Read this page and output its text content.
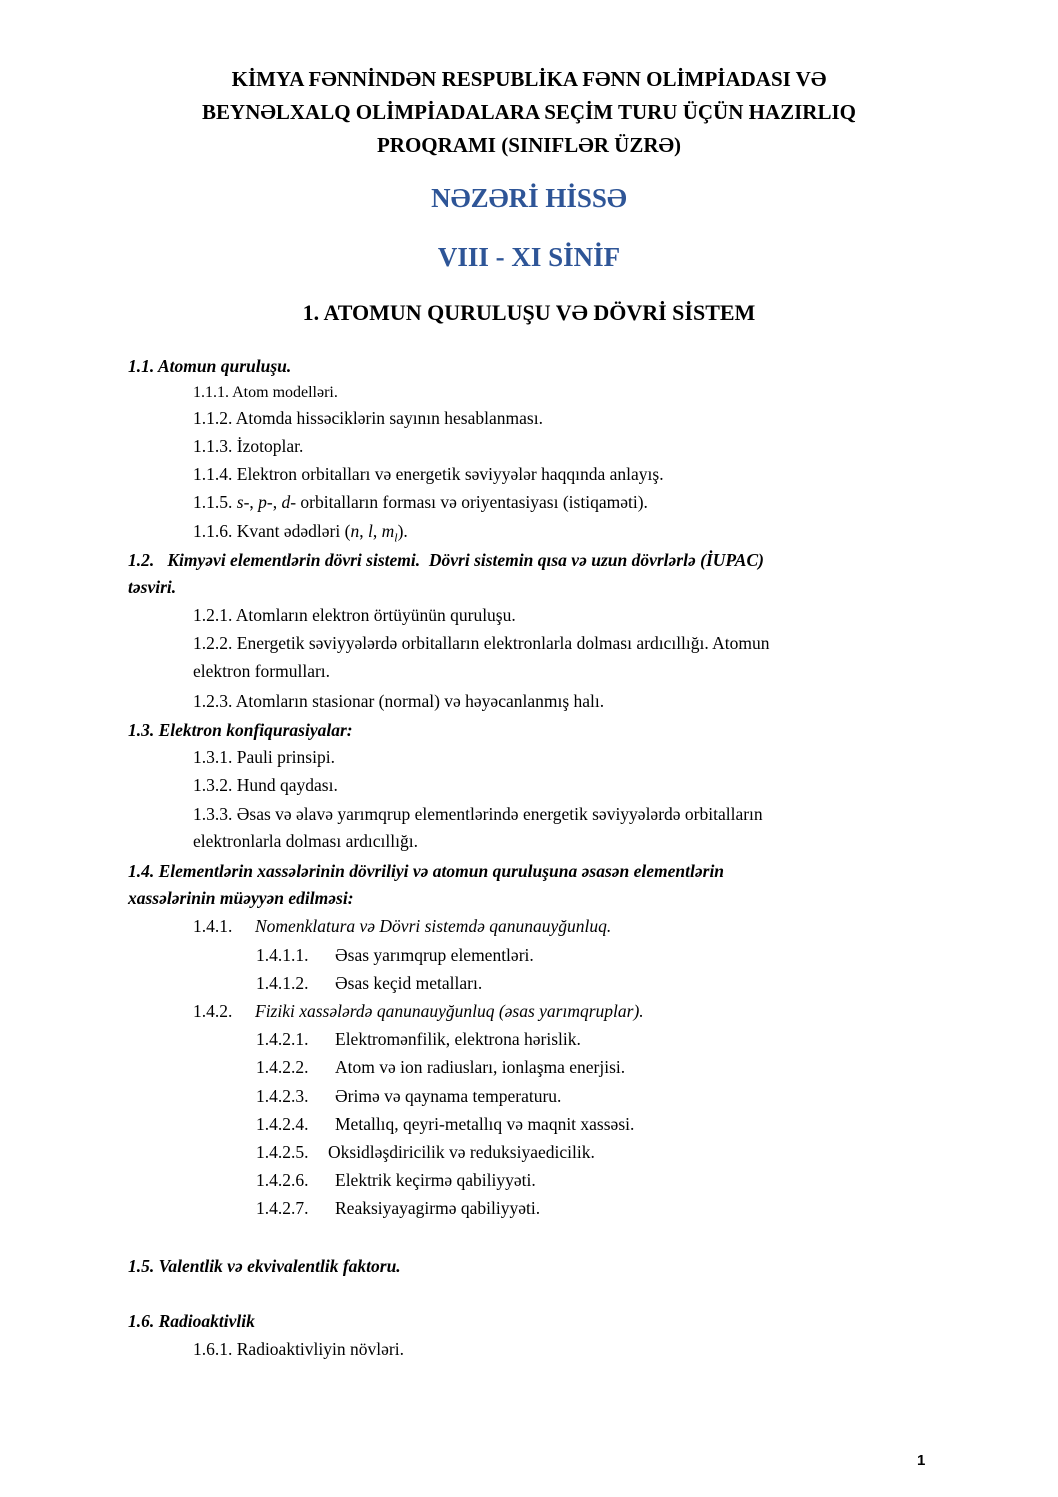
KİMYA FƏNNİNDƏN RESPUBLİKA FƏNN OLİMPİADASI VƏ
BEYNƏLXALQ OLİMPİADALARA SEÇİM TURU ÜÇÜN HAZIRLIQ
PROQRAMI (SINIFLƏR ÜZRƏ)
NƏZƏRİ HİSSƏ
VIII - XI SİNİF
1. ATOMUN QURULUŞU VƏ DÖVRİ SİSTEM
1.1. Atomun quruluşu.
1.1.1. Atom modelləri.
1.1.2. Atomda hissəciklərin sayının hesablanması.
1.1.3. İzotoplar.
1.1.4. Elektron orbitalları və energetik səviyyələr haqqında anlayış.
1.1.5. s-, p-, d- orbitalların forması və oriyentasiyası (istiqaməti).
1.1.6. Kvant ədədləri (n, l, $m_l$).
1.2.   Kimyəvi elementlərin dövri sistemi.  Dövri sistemin qısa və uzun dövrlərlə (İUPAC)
təsviri.
1.2.1. Atomların elektron örtüyünün quruluşu.
1.2.2. Energetik səviyyələrdə orbitalların elektronlarla dolması ardıcıllığı. Atomun
elektron formulları.
1.2.3. Atomların stasionar (normal) və həyəcanlanmış halı.
1.3. Elektron konfiqurasiyalar:
1.3.1. Pauli prinsipi.
1.3.2. Hund qaydası.
1.3.3. Əsas və əlavə yarımqrup elementlərində energetik səviyyələrdə orbitalların
elektronlarla dolması ardıcıllığı.
1.4. Elementlərin xassələrinin dövriliyi və atomun quruluşuna əsasən elementlərin
xassələrinin müəyyən edilməsi:
1.4.1. Nomenklatura və Dövri sistemdə qanunauyğunluq.
1.4.1.1. Əsas yarımqrup elementləri.
1.4.1.2. Əsas keçid metalları.
1.4.2. Fiziki xassələrdə qanunauyğunluq (əsas yarımqruplar).
1.4.2.1. Elektromənfilik, elektrona hərislik.
1.4.2.2. Atom və ion radiusları, ionlaşma enerjisi.
1.4.2.3. Ərimə və qaynama temperaturu.
1.4.2.4. Metallıq, qeyri-metallıq və maqnit xassəsi.
1.4.2.5. Oksidləşdiricilik və reduksiyaedicilik.
1.4.2.6. Elektrik keçirmə qabiliyyəti.
1.4.2.7. Reaksiyayagirmə qabiliyyəti.
1.5. Valentlik və ekvivalentlik faktoru.
1.6. Radioaktivlik
1.6.1. Radioaktivliyin növləri.
1
